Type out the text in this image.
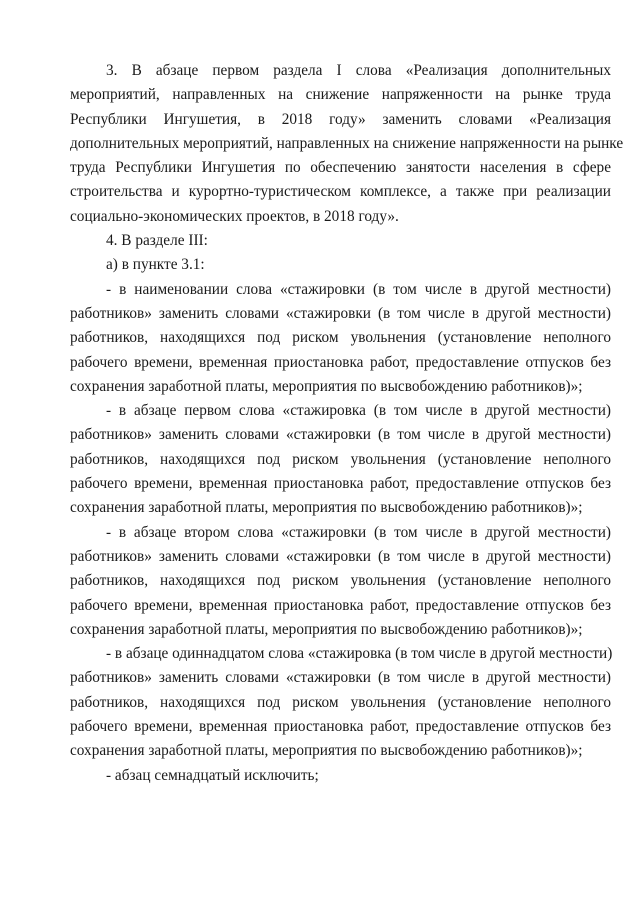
3. В абзаце первом раздела I слова «Реализация дополнительных
мероприятий, направленных на снижение напряженности на рынке труда
Республики Ингушетия, в 2018 году» заменить словами «Реализация
дополнительных мероприятий, направленных на снижение напряженности на рынке
труда Республики Ингушетия по обеспечению занятости населения в сфере
строительства и курортно-туристическом комплексе, а также при реализации
социально-экономических проектов, в 2018 году».
4. В разделе III:
а) в пункте 3.1:
- в наименовании слова «стажировки (в том числе в другой местности)
работников» заменить словами «стажировки (в том числе в другой местности)
работников, находящихся под риском увольнения (установление неполного
рабочего времени, временная приостановка работ, предоставление отпусков без
сохранения заработной платы, мероприятия по высвобождению работников)»;
- в абзаце первом слова «стажировка (в том числе в другой местности)
работников» заменить словами «стажировки (в том числе в другой местности)
работников, находящихся под риском увольнения (установление неполного
рабочего времени, временная приостановка работ, предоставление отпусков без
сохранения заработной платы, мероприятия по высвобождению работников)»;
- в абзаце втором слова «стажировки (в том числе в другой местности)
работников» заменить словами «стажировки (в том числе в другой местности)
работников, находящихся под риском увольнения (установление неполного
рабочего времени, временная приостановка работ, предоставление отпусков без
сохранения заработной платы, мероприятия по высвобождению работников)»;
- в абзаце одиннадцатом слова «стажировка (в том числе в другой местности)
работников» заменить словами «стажировки (в том числе в другой местности)
работников, находящихся под риском увольнения (установление неполного
рабочего времени, временная приостановка работ, предоставление отпусков без
сохранения заработной платы, мероприятия по высвобождению работников)»;
- абзац семнадцатый исключить;
